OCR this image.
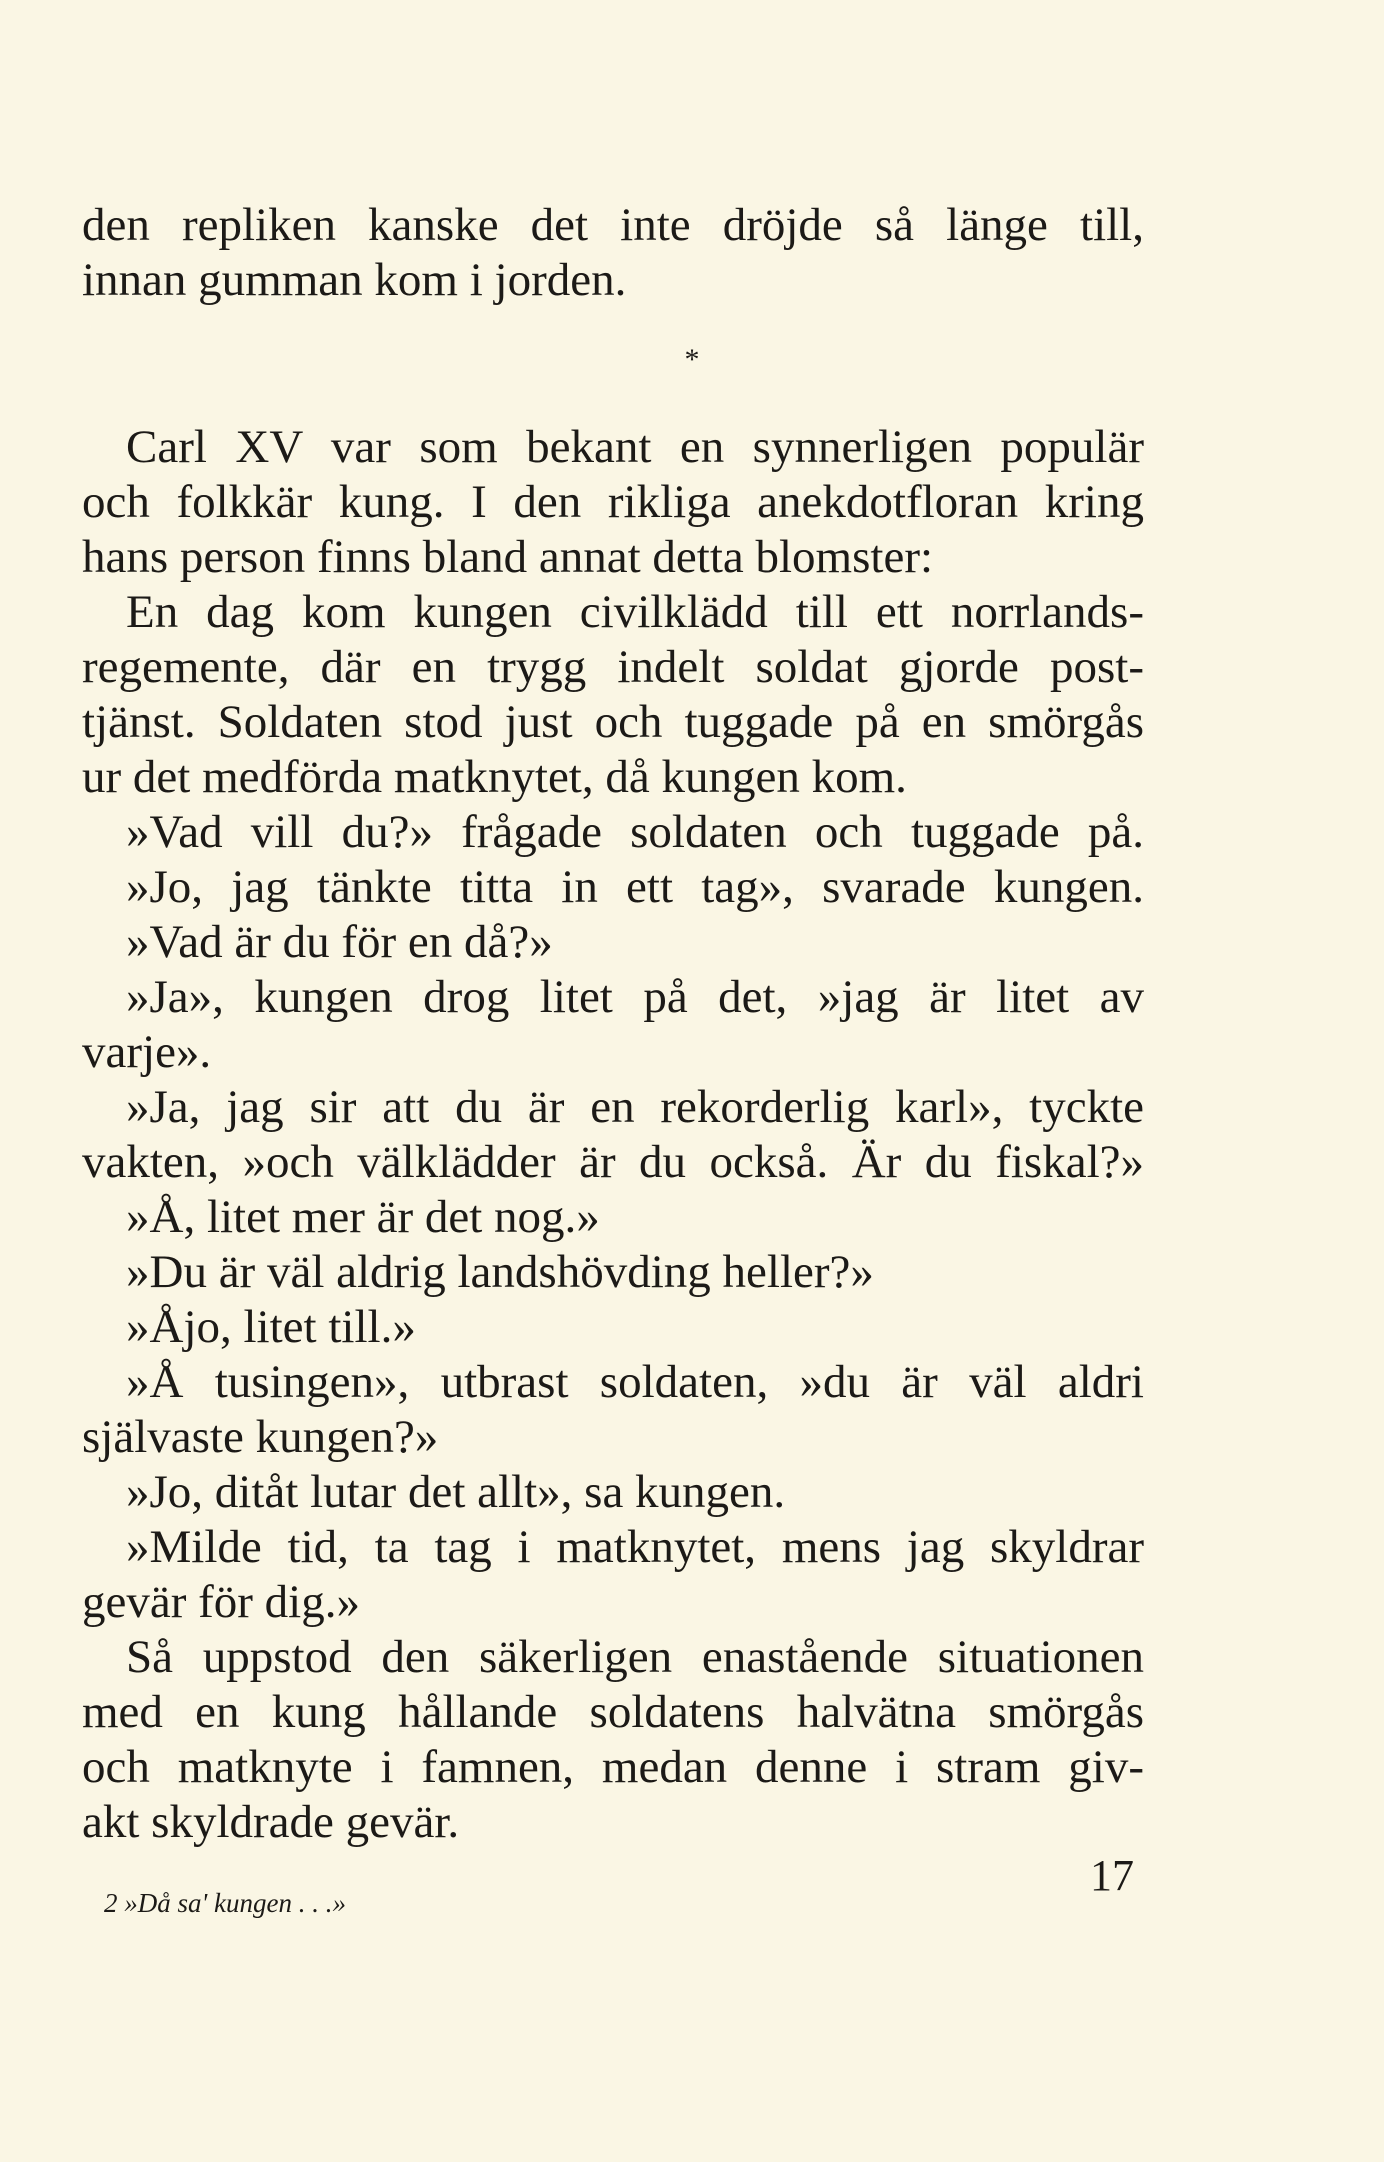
den repliken kanske det inte dröjde så länge till,
innan gumman kom i jorden.
*
Carl XV var som bekant en synnerligen populär
och folkkär kung. I den rikliga anekdotfloran kring
hans person finns bland annat detta blomster:
En dag kom kungen civilklädd till ett norrlands-
regemente, där en trygg indelt soldat gjorde post-
tjänst. Soldaten stod just och tuggade på en smörgås
ur det medförda matknytet, då kungen kom.
»Vad vill du?» frågade soldaten och tuggade på.
»Jo, jag tänkte titta in ett tag», svarade kungen.
»Vad är du för en då?»
»Ja», kungen drog litet på det, »jag är litet av
varje».
»Ja, jag sir att du är en rekorderlig karl», tyckte
vakten, »och välklädder är du också. Är du fiskal?»
»Å, litet mer är det nog.»
»Du är väl aldrig landshövding heller?»
»Åjo, litet till.»
»Å tusingen», utbrast soldaten, »du är väl aldri
självaste kungen?»
»Jo, ditåt lutar det allt», sa kungen.
»Milde tid, ta tag i matknytet, mens jag skyldrar
gevär för dig.»
Så uppstod den säkerligen enastående situationen
med en kung hållande soldatens halvätna smörgås
och matknyte i famnen, medan denne i stram giv-
akt skyldrade gevär.
2 »Då sa' kungen . . .»
17
